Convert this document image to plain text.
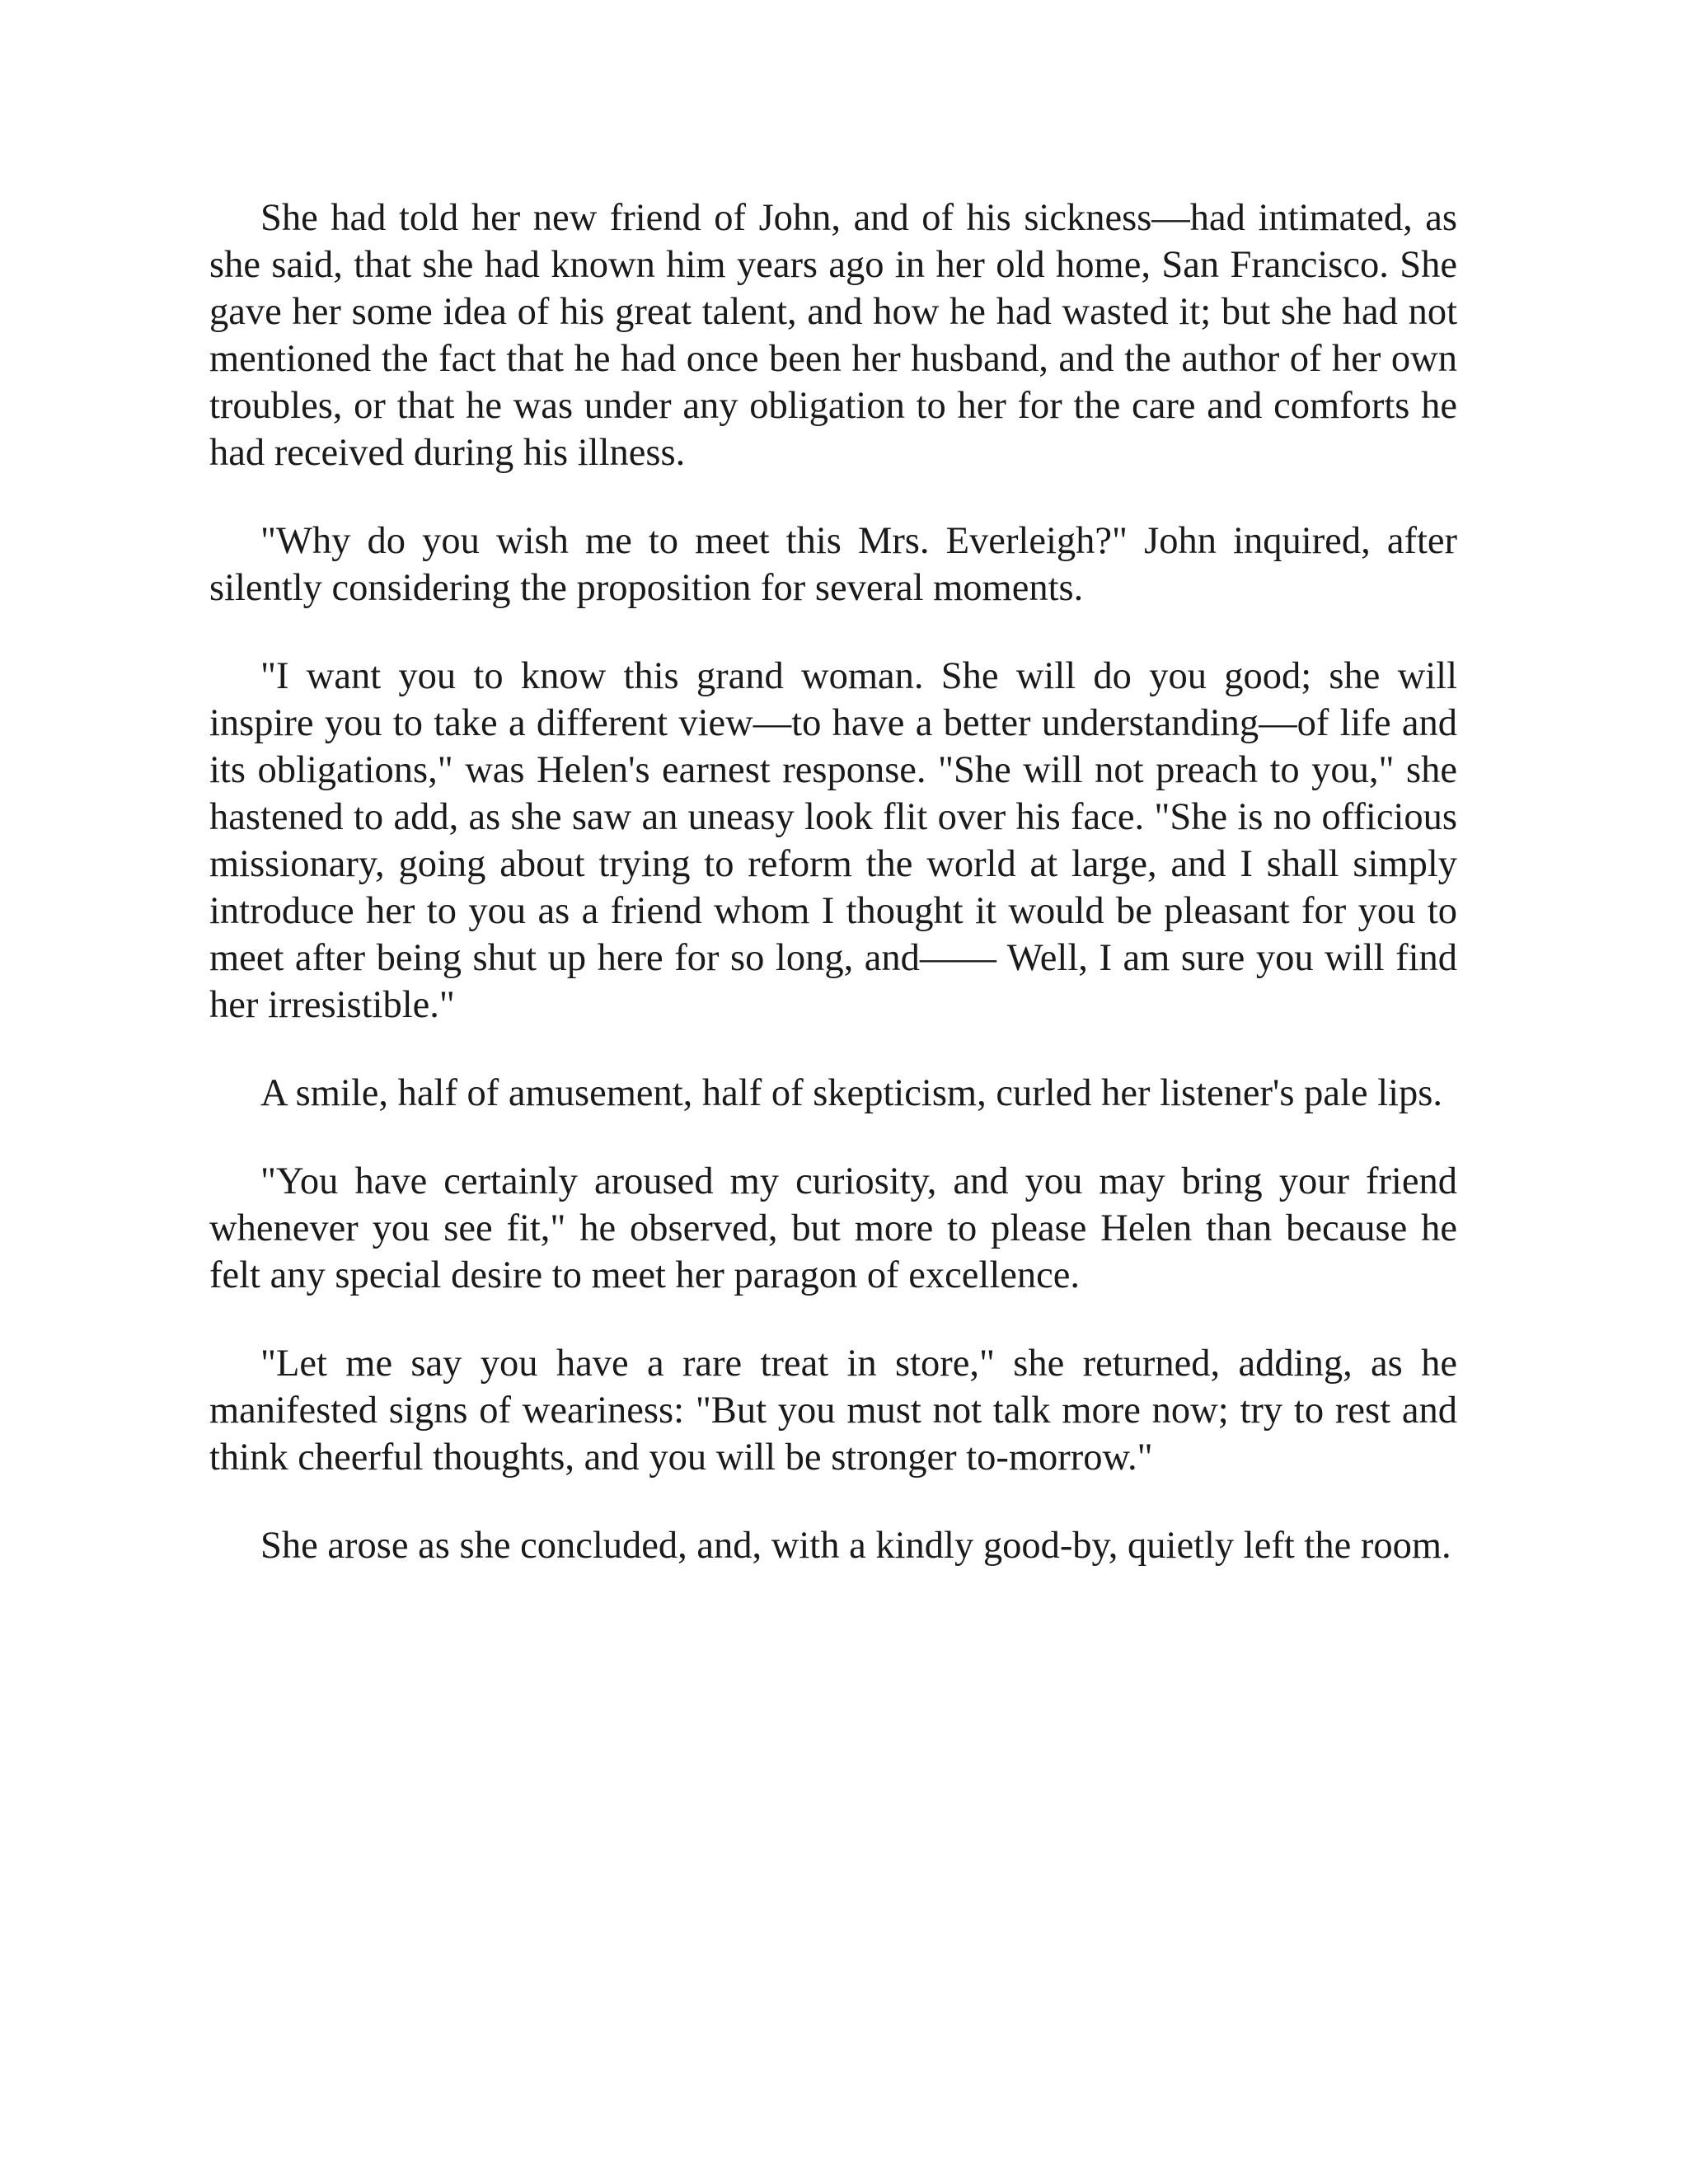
She had told her new friend of John, and of his sickness—had intimated, as she said, that she had known him years ago in her old home, San Francisco. She gave her some idea of his great talent, and how he had wasted it; but she had not mentioned the fact that he had once been her husband, and the author of her own troubles, or that he was under any obligation to her for the care and comforts he had received during his illness.

"Why do you wish me to meet this Mrs. Everleigh?" John inquired, after silently considering the proposition for several moments.

"I want you to know this grand woman. She will do you good; she will inspire you to take a different view—to have a better understanding—of life and its obligations," was Helen's earnest response. "She will not preach to you," she hastened to add, as she saw an uneasy look flit over his face. "She is no officious missionary, going about trying to reform the world at large, and I shall simply introduce her to you as a friend whom I thought it would be pleasant for you to meet after being shut up here for so long, and—— Well, I am sure you will find her irresistible."

A smile, half of amusement, half of skepticism, curled her listener's pale lips.

"You have certainly aroused my curiosity, and you may bring your friend whenever you see fit," he observed, but more to please Helen than because he felt any special desire to meet her paragon of excellence.

"Let me say you have a rare treat in store," she returned, adding, as he manifested signs of weariness: "But you must not talk more now; try to rest and think cheerful thoughts, and you will be stronger to-morrow."

She arose as she concluded, and, with a kindly good-by, quietly left the room.
